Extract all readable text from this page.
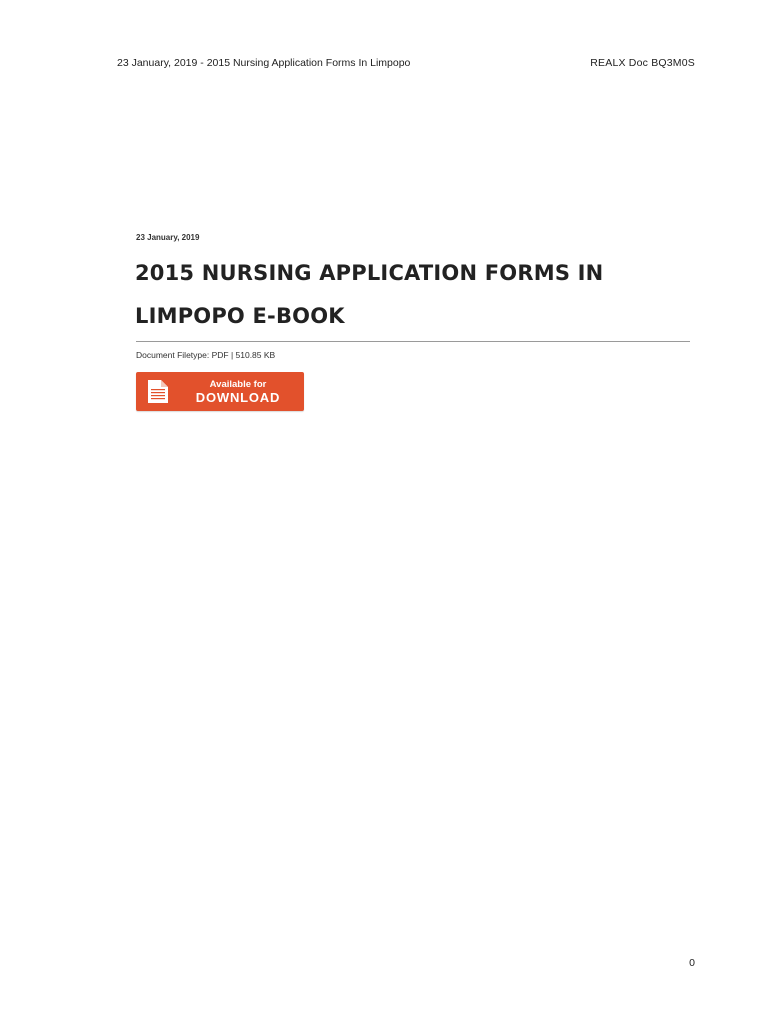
23 January, 2019 - 2015 Nursing Application Forms In Limpopo	REALX Doc BQ3M0S
23 January, 2019
2015 NURSING APPLICATION FORMS IN LIMPOPO E-BOOK
Document Filetype: PDF | 510.85 KB
Available for
DOWNLOAD
0
